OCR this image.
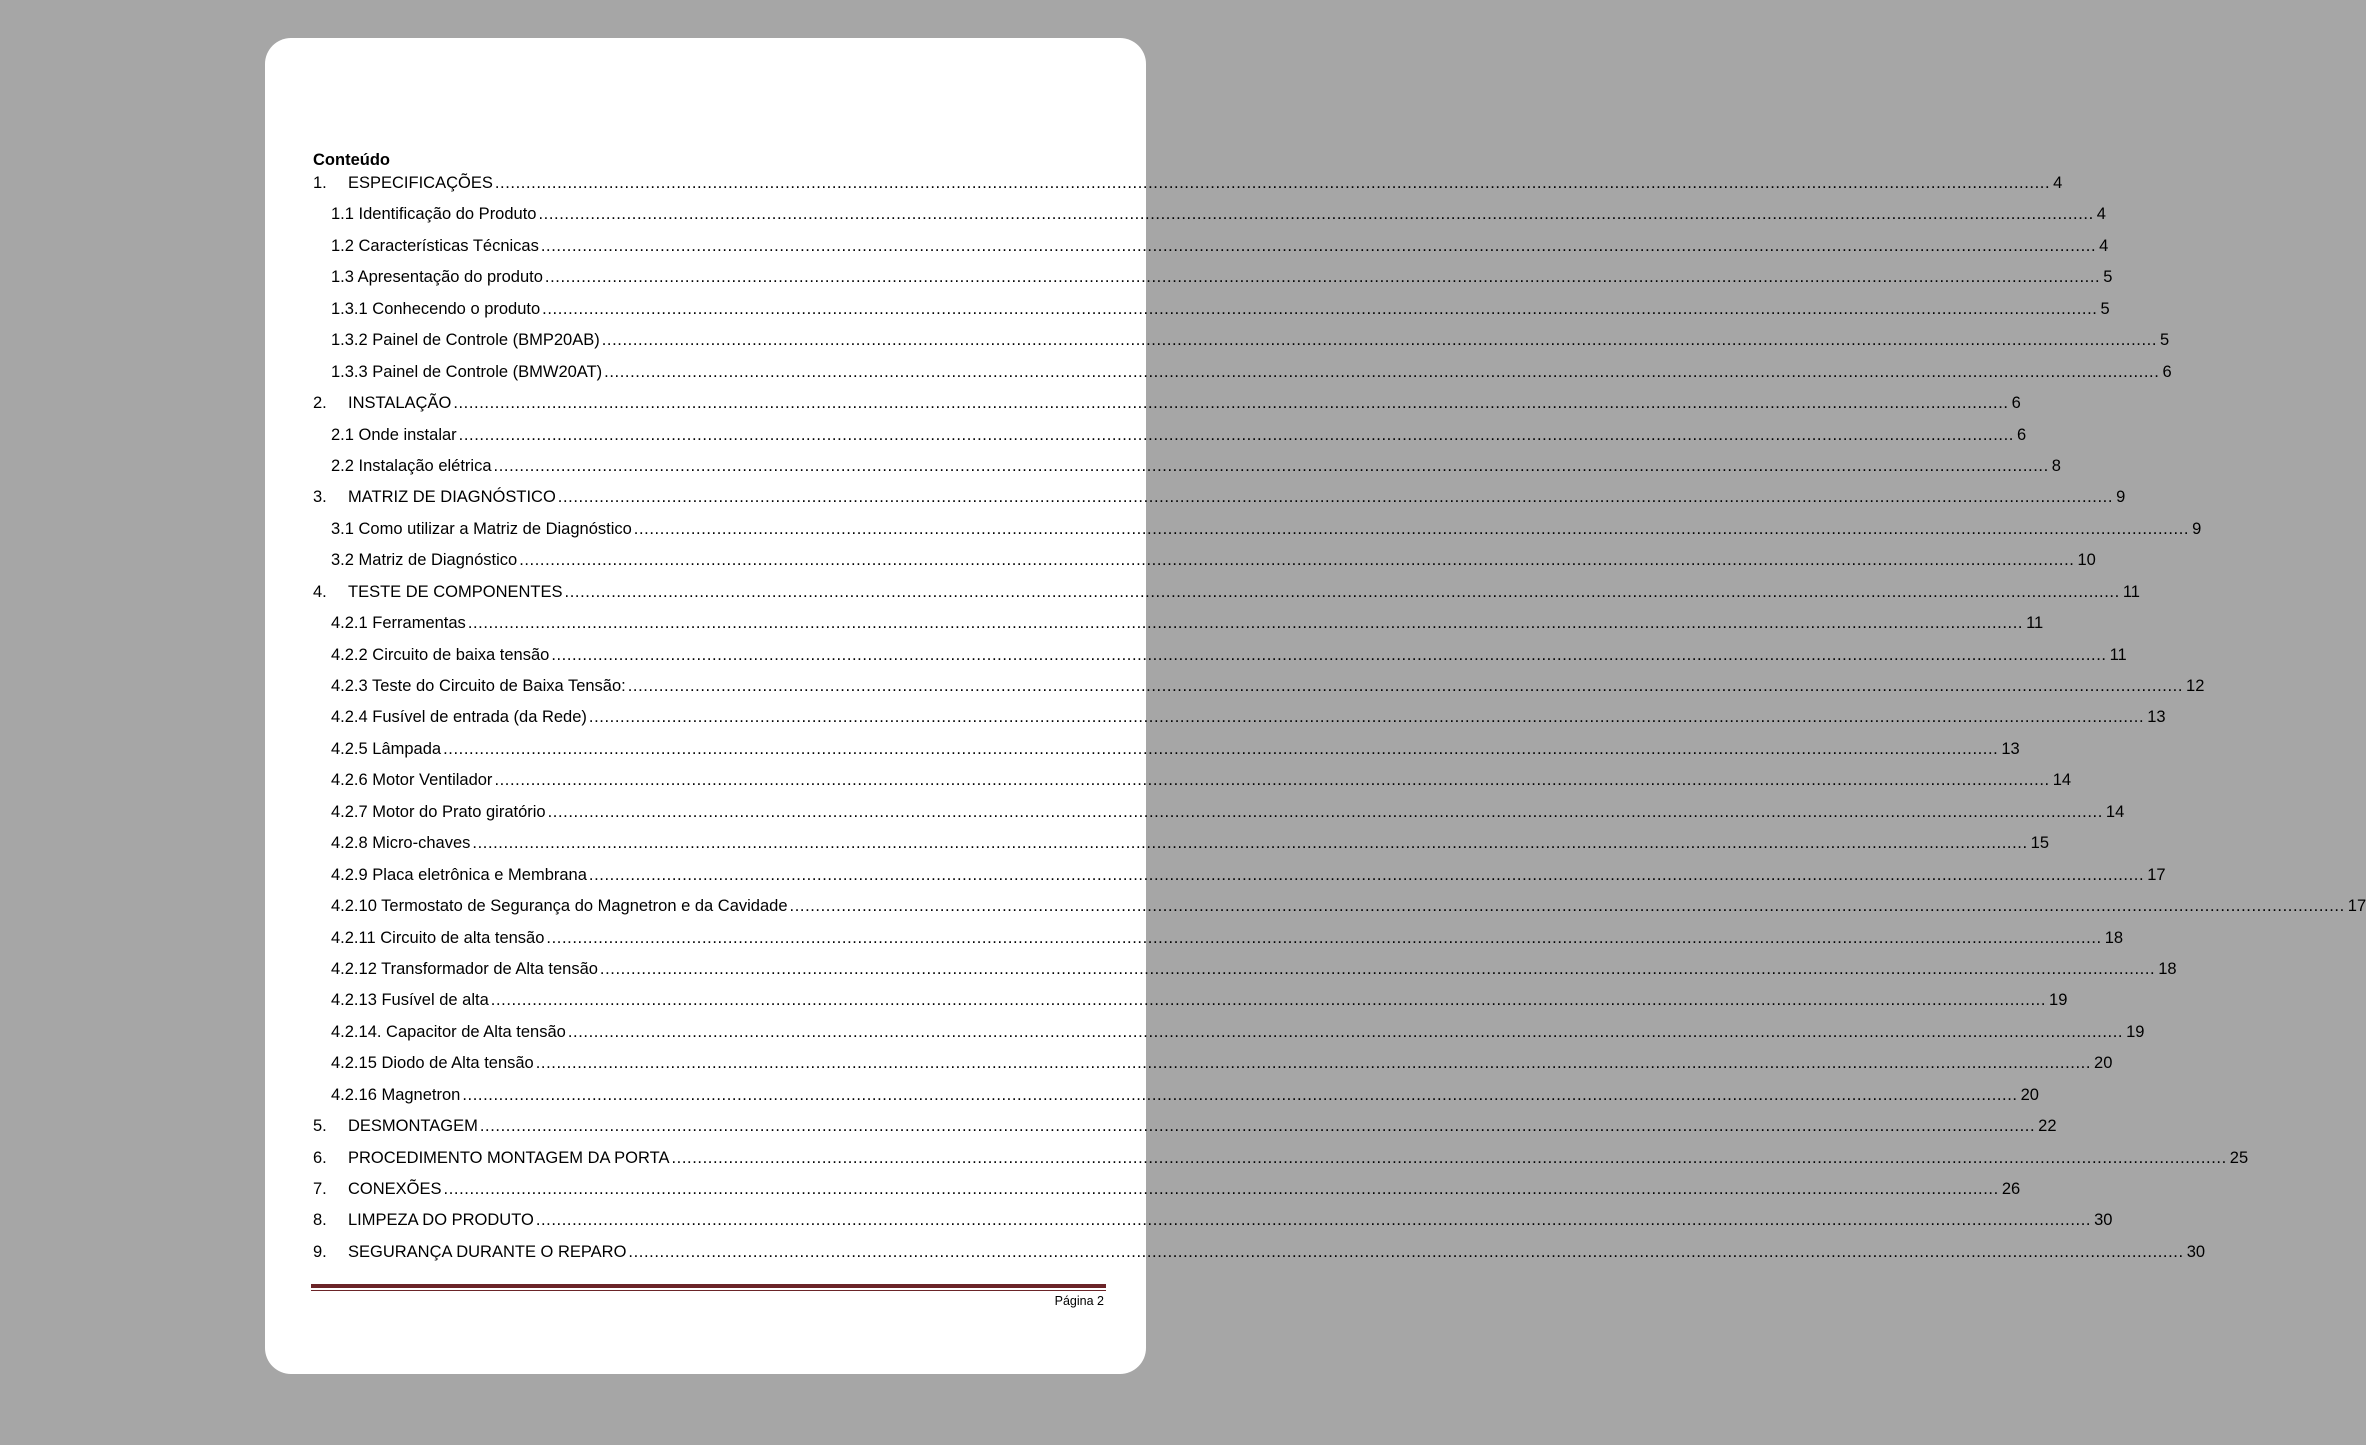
Conteúdo
1.	ESPECIFICAÇÕES ............................................................................................................................................................................................................................................................................................................ 4
1.1 Identificação do Produto ............................................................................................................................................................................................................................................................................................................ 4
1.2 Características Técnicas ............................................................................................................................................................................................................................................................................................................ 4
1.3 Apresentação do produto ............................................................................................................................................................................................................................................................................................................ 5
1.3.1 Conhecendo o produto ............................................................................................................................................................................................................................................................................................................ 5
1.3.2 Painel de Controle (BMP20AB) ............................................................................................................................................................................................................................................................................................................ 5
1.3.3 Painel de Controle (BMW20AT) ............................................................................................................................................................................................................................................................................................................ 6
2.	INSTALAÇÃO ............................................................................................................................................................................................................................................................................................................ 6
2.1 Onde instalar ............................................................................................................................................................................................................................................................................................................ 6
2.2 Instalação elétrica ............................................................................................................................................................................................................................................................................................................ 8
3.	MATRIZ DE DIAGNÓSTICO ............................................................................................................................................................................................................................................................................................................ 9
3.1 Como utilizar a Matriz de Diagnóstico ............................................................................................................................................................................................................................................................................................................ 9
3.2 Matriz de Diagnóstico ............................................................................................................................................................................................................................................................................................................ 10
4.	TESTE DE COMPONENTES ............................................................................................................................................................................................................................................................................................................ 11
4.2.1 Ferramentas ............................................................................................................................................................................................................................................................................................................ 11
4.2.2 Circuito de baixa tensão ............................................................................................................................................................................................................................................................................................................ 11
4.2.3 Teste do Circuito de Baixa Tensão: ............................................................................................................................................................................................................................................................................................................ 12
4.2.4 Fusível de entrada (da Rede) ............................................................................................................................................................................................................................................................................................................ 13
4.2.5 Lâmpada ............................................................................................................................................................................................................................................................................................................ 13
4.2.6 Motor Ventilador ............................................................................................................................................................................................................................................................................................................ 14
4.2.7 Motor do Prato giratório ............................................................................................................................................................................................................................................................................................................ 14
4.2.8 Micro-chaves ............................................................................................................................................................................................................................................................................................................ 15
4.2.9 Placa eletrônica e Membrana ............................................................................................................................................................................................................................................................................................................ 17
4.2.10 Termostato de Segurança do Magnetron e da Cavidade ............................................................................................................................................................................................................................................................................................................ 17
4.2.11 Circuito de alta tensão ............................................................................................................................................................................................................................................................................................................ 18
4.2.12 Transformador de Alta tensão ............................................................................................................................................................................................................................................................................................................ 18
4.2.13 Fusível de alta ............................................................................................................................................................................................................................................................................................................ 19
4.2.14. Capacitor de Alta tensão ............................................................................................................................................................................................................................................................................................................ 19
4.2.15 Diodo de Alta tensão ............................................................................................................................................................................................................................................................................................................ 20
4.2.16 Magnetron ............................................................................................................................................................................................................................................................................................................ 20
5.	DESMONTAGEM ............................................................................................................................................................................................................................................................................................................ 22
6.	PROCEDIMENTO MONTAGEM DA PORTA ............................................................................................................................................................................................................................................................................................................ 25
7.	CONEXÕES ............................................................................................................................................................................................................................................................................................................ 26
8.	LIMPEZA DO PRODUTO ............................................................................................................................................................................................................................................................................................................ 30
9.	SEGURANÇA DURANTE O REPARO ............................................................................................................................................................................................................................................................................................................ 30
Página 2
